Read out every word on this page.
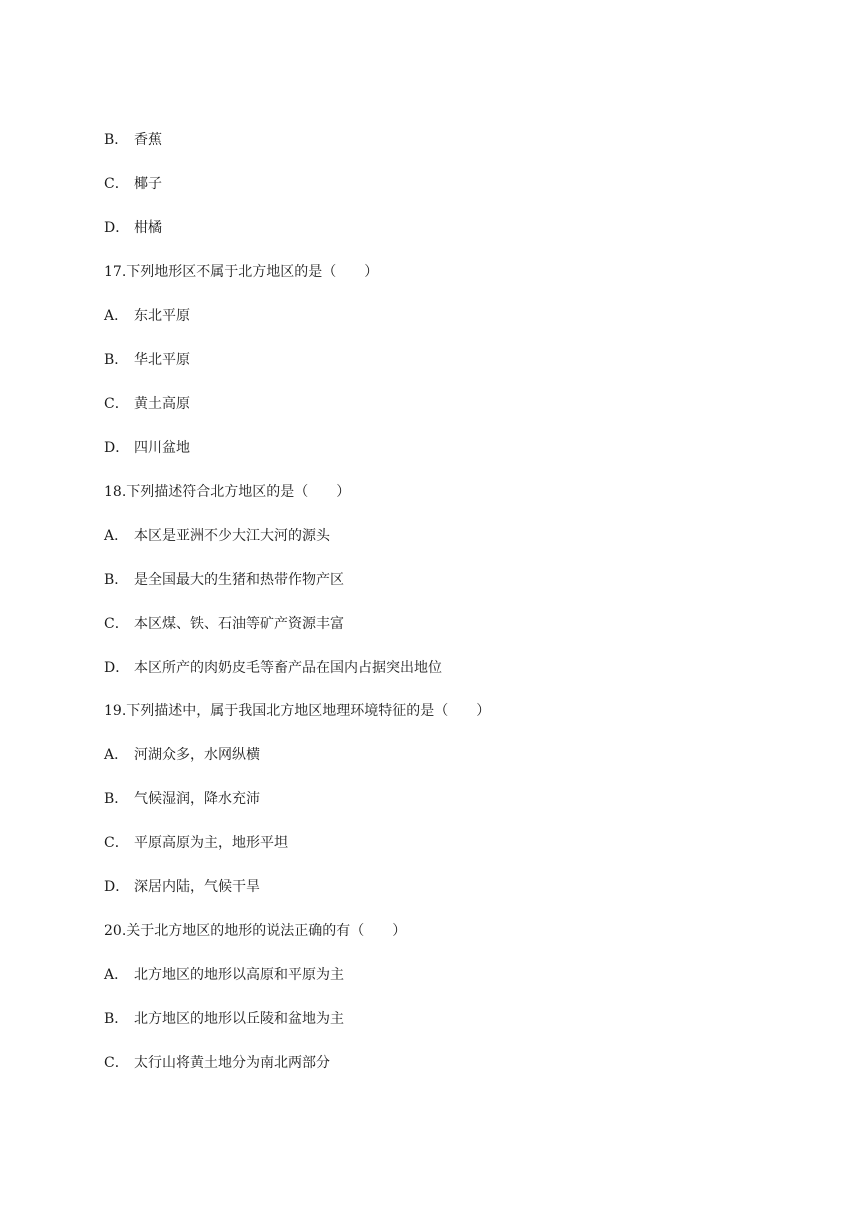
B． 香蕉
C． 椰子
D． 柑橘
17.下列地形区不属于北方地区的是（　　）
A． 东北平原
B． 华北平原
C． 黄土高原
D． 四川盆地
18.下列描述符合北方地区的是（　　）
A． 本区是亚洲不少大江大河的源头
B． 是全国最大的生猪和热带作物产区
C． 本区煤、铁、石油等矿产资源丰富
D． 本区所产的肉奶皮毛等畜产品在国内占据突出地位
19.下列描述中，属于我国北方地区地理环境特征的是（　　）
A． 河湖众多，水网纵横
B． 气候湿润，降水充沛
C． 平原高原为主，地形平坦
D． 深居内陆，气候干旱
20.关于北方地区的地形的说法正确的有（　　）
A． 北方地区的地形以高原和平原为主
B． 北方地区的地形以丘陵和盆地为主
C． 太行山将黄土地分为南北两部分
